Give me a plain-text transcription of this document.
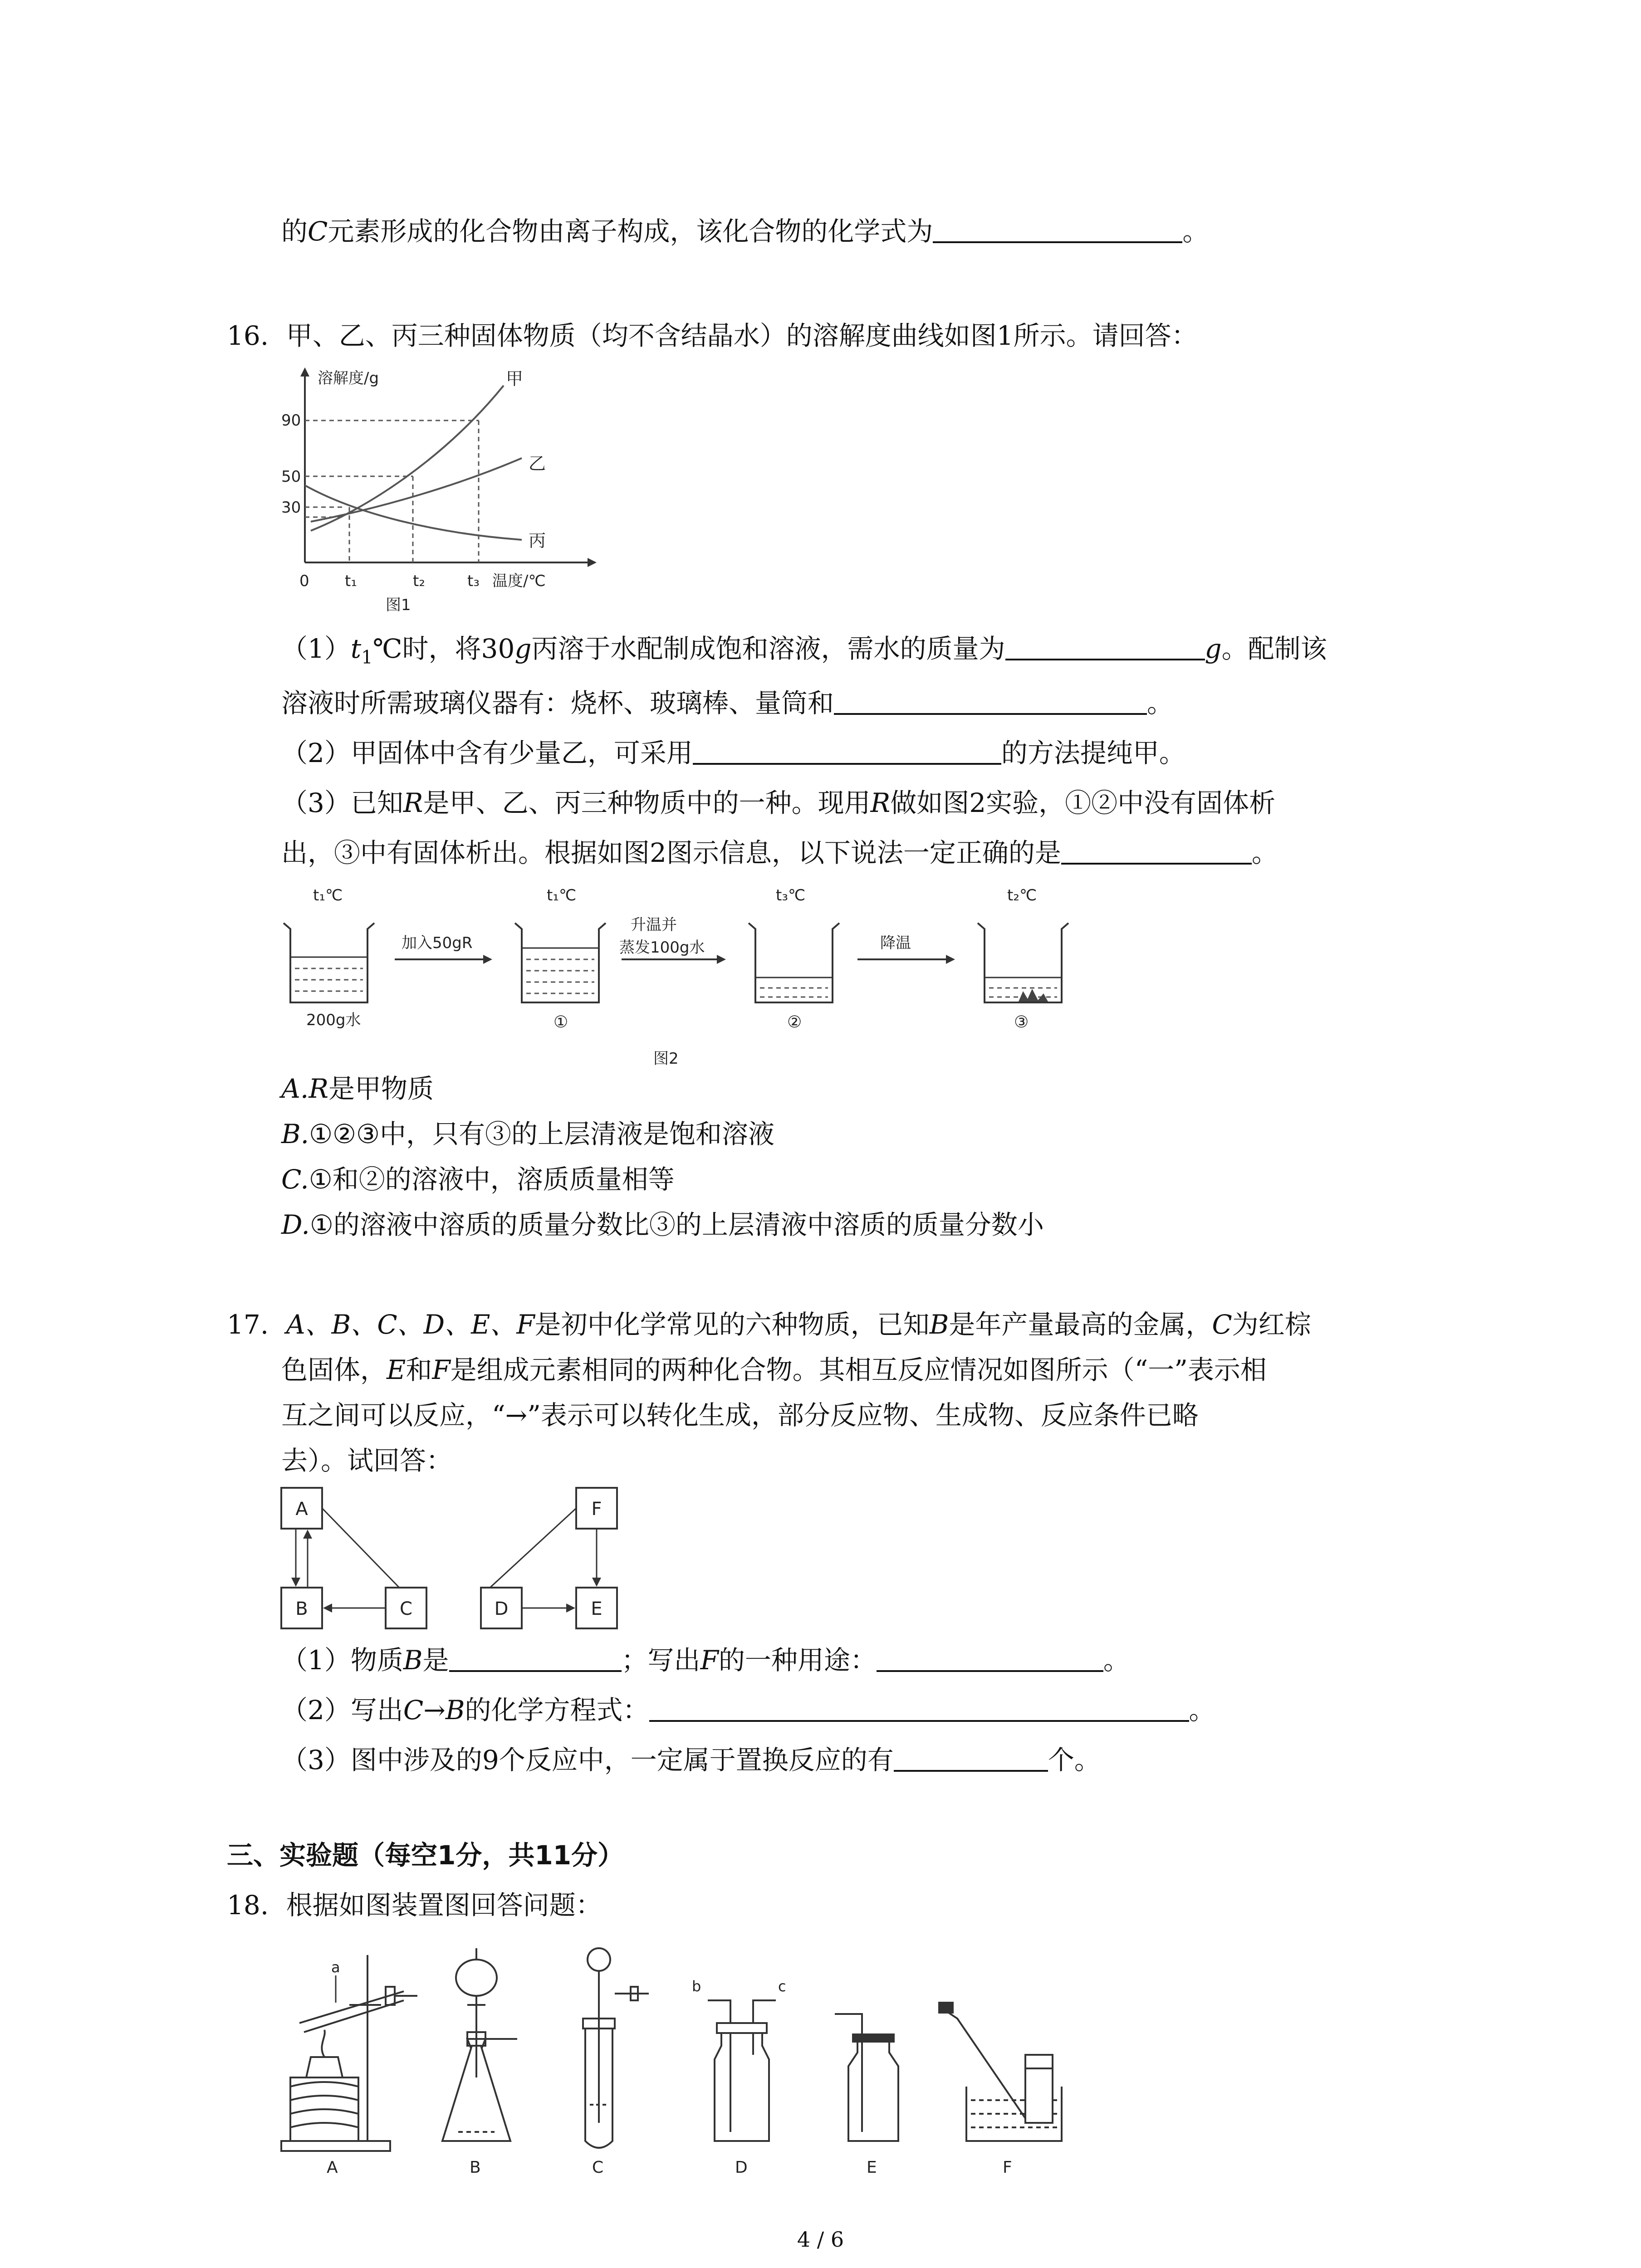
的C元素形成的化合物由离子构成，该化合物的化学式为	。
16. 甲、乙、丙三种固体物质（均不含结晶水）的溶解度曲线如图1所示。请回答：
溶解度/g
0
90
50
30
t₁	t₂	t₃ 温度/℃
图1
甲
乙
丙
$(1)t_1℃$时，将30g丙溶于水配制成饱和溶液，需水的质量为	g。配制该
溶液时所需玻璃仪器有：烧杯、玻璃棒、量筒和	。
（2）甲固体中含有少量乙，可采用	的方法提纯甲。
（3）已知R是甲、乙、丙三种物质中的一种。现用R做如图2实验，①②中没有固体析
出，③中有固体析出。根据如图2图示信息，以下说法一定正确的是	。
t₁℃
200g水
加入50gR
t₁℃
①
升温并
蒸发100g水
t₃℃
②
降温
t₂℃
③
图2
A.R是甲物质
B.①②③中，只有③的上层清液是饱和溶液
C.①和②的溶液中，溶质质量相等
D.①的溶液中溶质的质量分数比③的上层清液中溶质的质量分数小
17. A、B、C、D、E、F是初中化学常见的六种物质，已知B是年产量最高的金属，C为红棕
色固体，E和F是组成元素相同的两种化合物。其相互反应情况如图所示（“一”表示相
互之间可以反应，“→”表示可以转化生成，部分反应物、生成物、反应条件已略
去）。试回答：
A	F
B	C	D	E
（1）物质B是	；写出F的一种用途：	。
（2）写出C→B的化学方程式：	。
（3）图中涉及的9个反应中，一定属于置换反应的有	个。
三、实验题（每空1分，共11分）
18. 根据如图装置图回答问题：
a
A	B	C
b	c
D	E	F
4 / 6
